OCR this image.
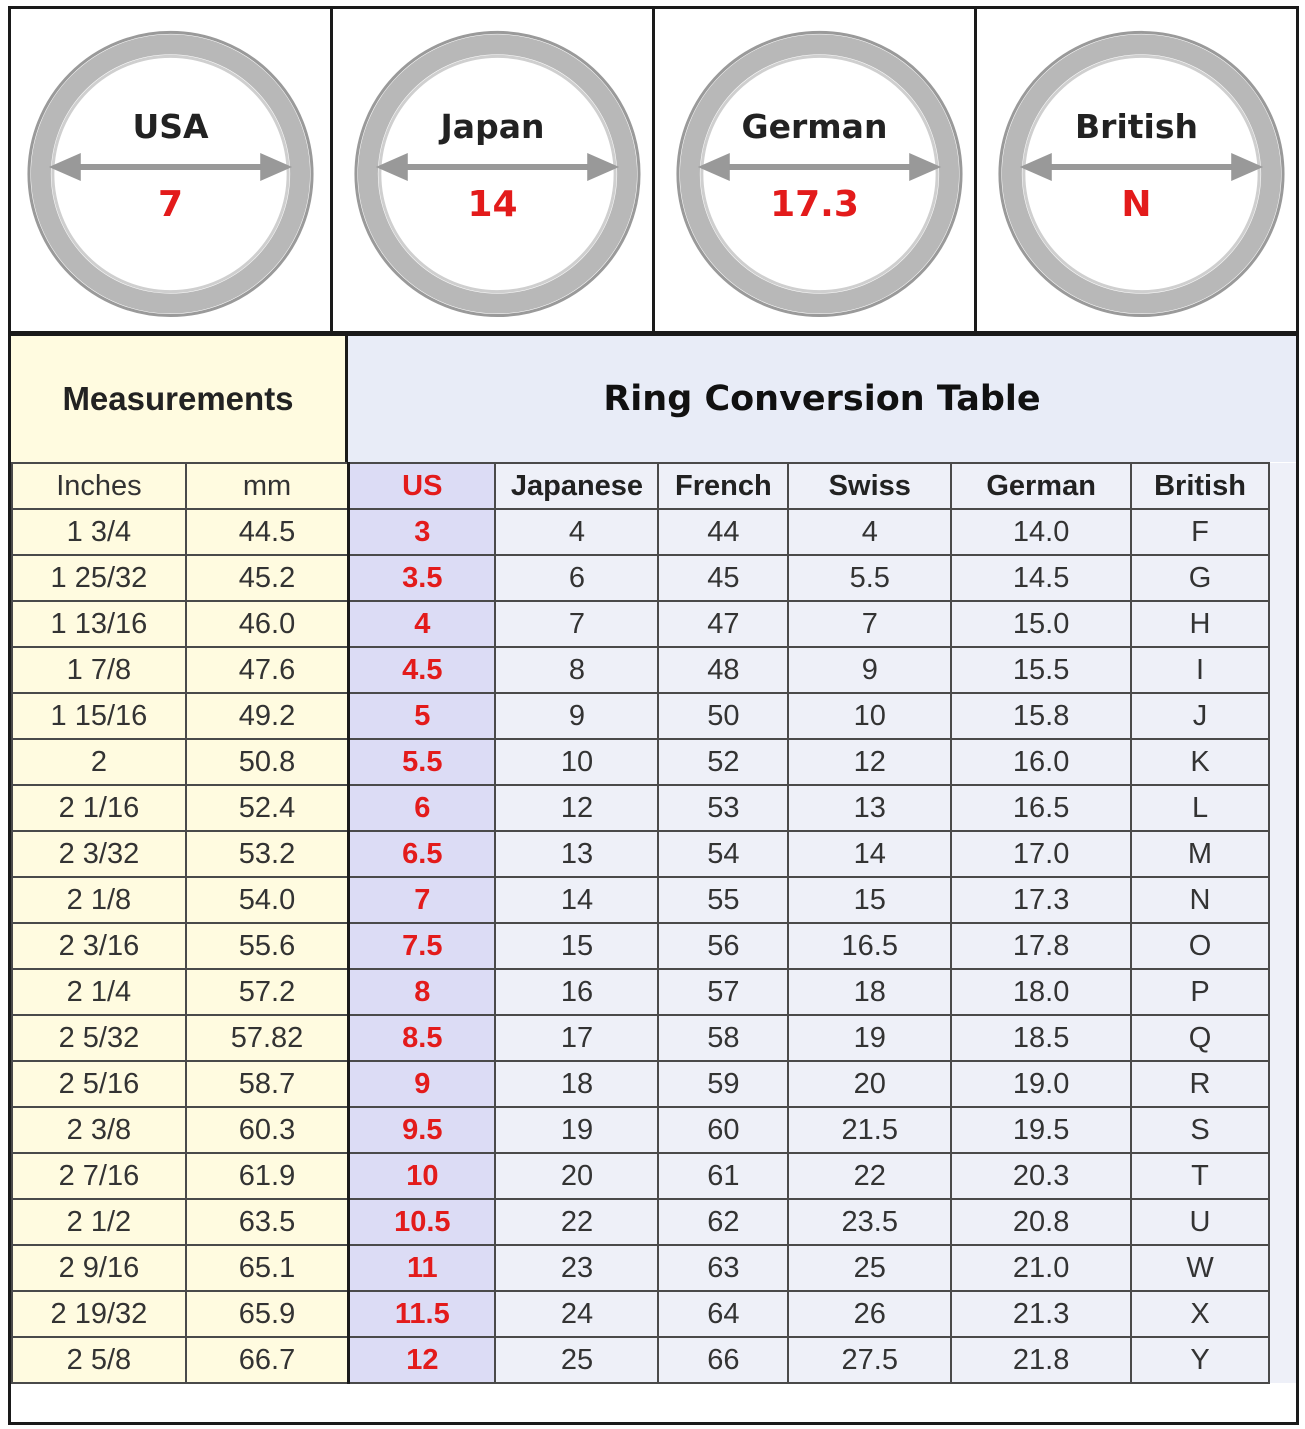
USA
7
Japan
14
German
17.3
British
N
Measurements	Ring Conversion Table
Inches	mm	US	Japanese	French	Swiss	German	British	
1 3/4	44.5	3	4	44	4	14.0	F	
1 25/32	45.2	3.5	6	45	5.5	14.5	G	
1 13/16	46.0	4	7	47	7	15.0	H	
1 7/8	47.6	4.5	8	48	9	15.5	I	
1 15/16	49.2	5	9	50	10	15.8	J	
2	50.8	5.5	10	52	12	16.0	K	
2 1/16	52.4	6	12	53	13	16.5	L	
2 3/32	53.2	6.5	13	54	14	17.0	M	
2 1/8	54.0	7	14	55	15	17.3	N	
2 3/16	55.6	7.5	15	56	16.5	17.8	O	
2 1/4	57.2	8	16	57	18	18.0	P	
2 5/32	57.82	8.5	17	58	19	18.5	Q	
2 5/16	58.7	9	18	59	20	19.0	R	
2 3/8	60.3	9.5	19	60	21.5	19.5	S	
2 7/16	61.9	10	20	61	22	20.3	T	
2 1/2	63.5	10.5	22	62	23.5	20.8	U	
2 9/16	65.1	11	23	63	25	21.0	W	
2 19/32	65.9	11.5	24	64	26	21.3	X	
2 5/8	66.7	12	25	66	27.5	21.8	Y	
